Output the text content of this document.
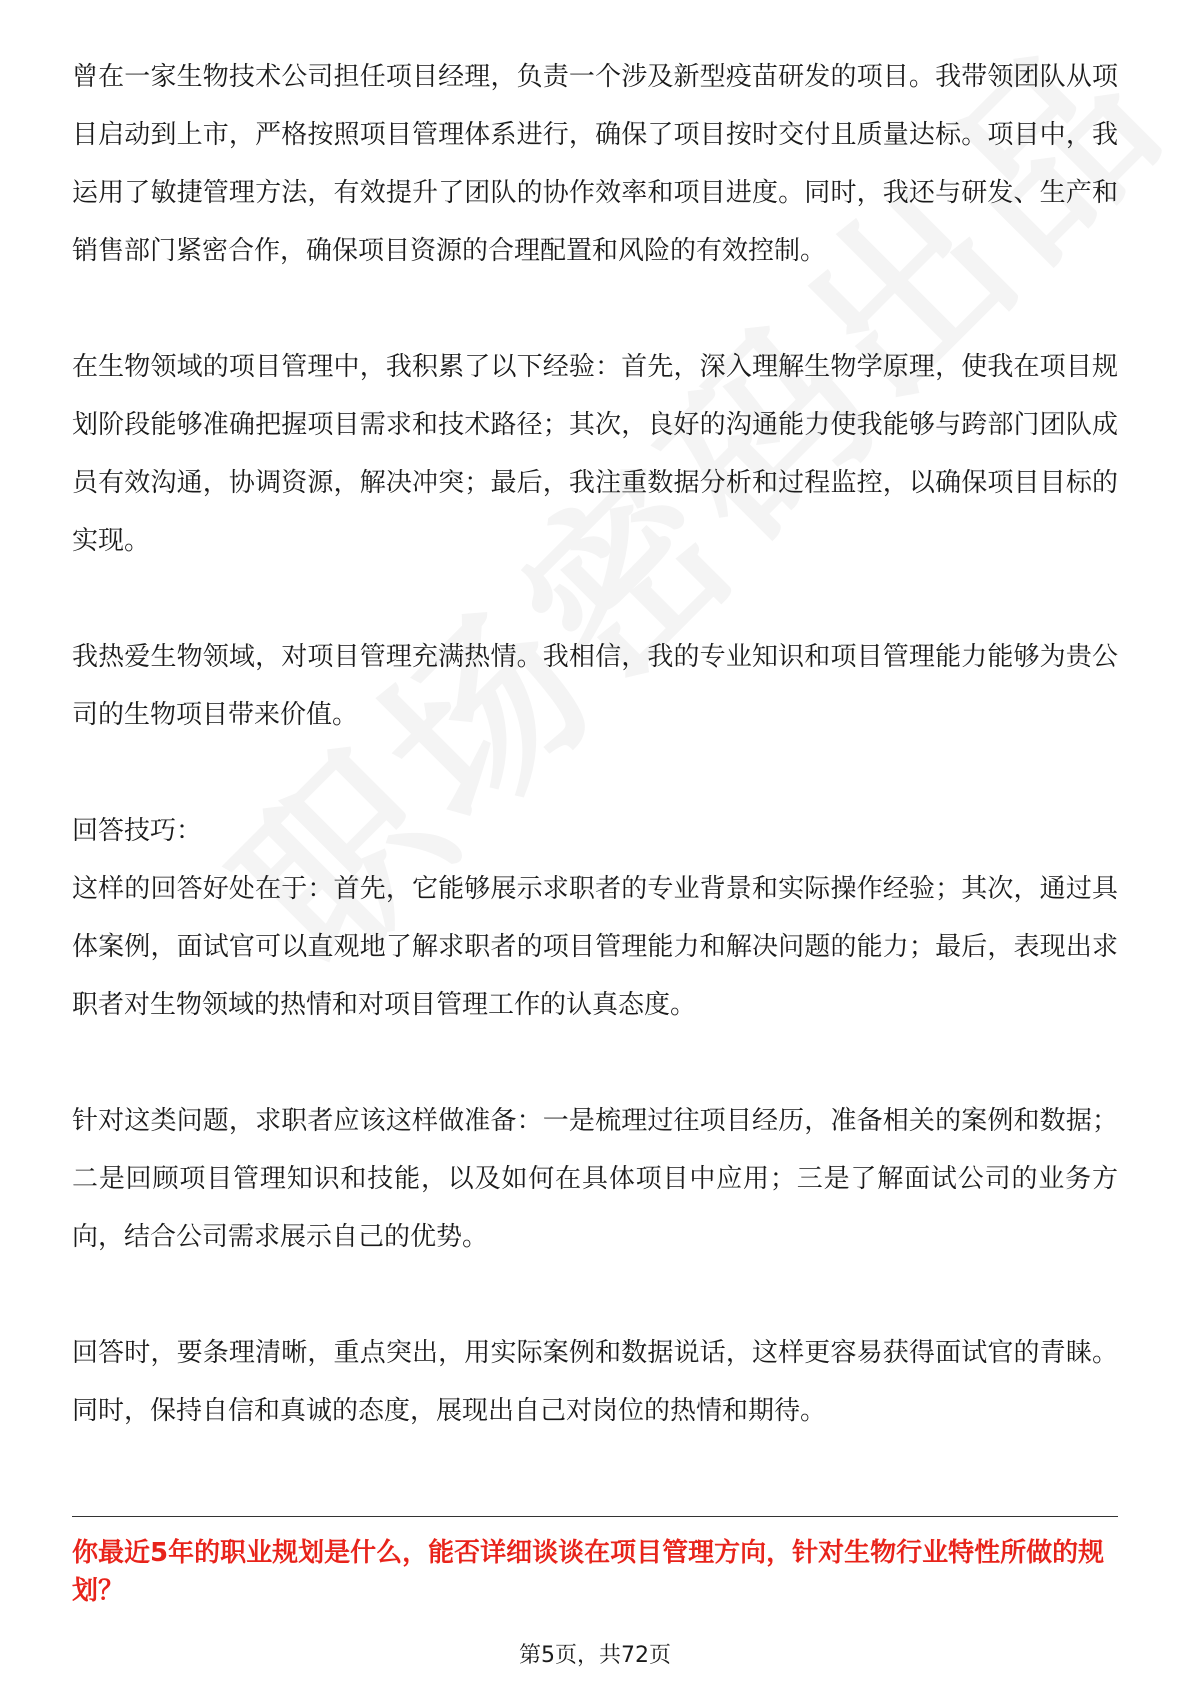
曾在一家生物技术公司担任项目经理，负责一个涉及新型疫苗研发的项目。我带领团队从项目启动到上市，严格按照项目管理体系进行，确保了项目按时交付且质量达标。项目中，我运用了敏捷管理方法，有效提升了团队的协作效率和项目进度。同时，我还与研发、生产和销售部门紧密合作，确保项目资源的合理配置和风险的有效控制。

在生物领域的项目管理中，我积累了以下经验：首先，深入理解生物学原理，使我在项目规划阶段能够准确把握项目需求和技术路径；其次，良好的沟通能力使我能够与跨部门团队成员有效沟通，协调资源，解决冲突；最后，我注重数据分析和过程监控，以确保项目目标的实现。

我热爱生物领域，对项目管理充满热情。我相信，我的专业知识和项目管理能力能够为贵公司的生物项目带来价值。

回答技巧：

这样的回答好处在于：首先，它能够展示求职者的专业背景和实际操作经验；其次，通过具体案例，面试官可以直观地了解求职者的项目管理能力和解决问题的能力；最后，表现出求职者对生物领域的热情和对项目管理工作的认真态度。

针对这类问题，求职者应该这样做准备：一是梳理过往项目经历，准备相关的案例和数据；二是回顾项目管理知识和技能，以及如何在具体项目中应用；三是了解面试公司的业务方向，结合公司需求展示自己的优势。

回答时，要条理清晰，重点突出，用实际案例和数据说话，这样更容易获得面试官的青睐。同时，保持自信和真诚的态度，展现出自己对岗位的热情和期待。

你最近5年的职业规划是什么，能否详细谈谈在项目管理方向，针对生物行业特性所做的规划？
第5页，共72页
